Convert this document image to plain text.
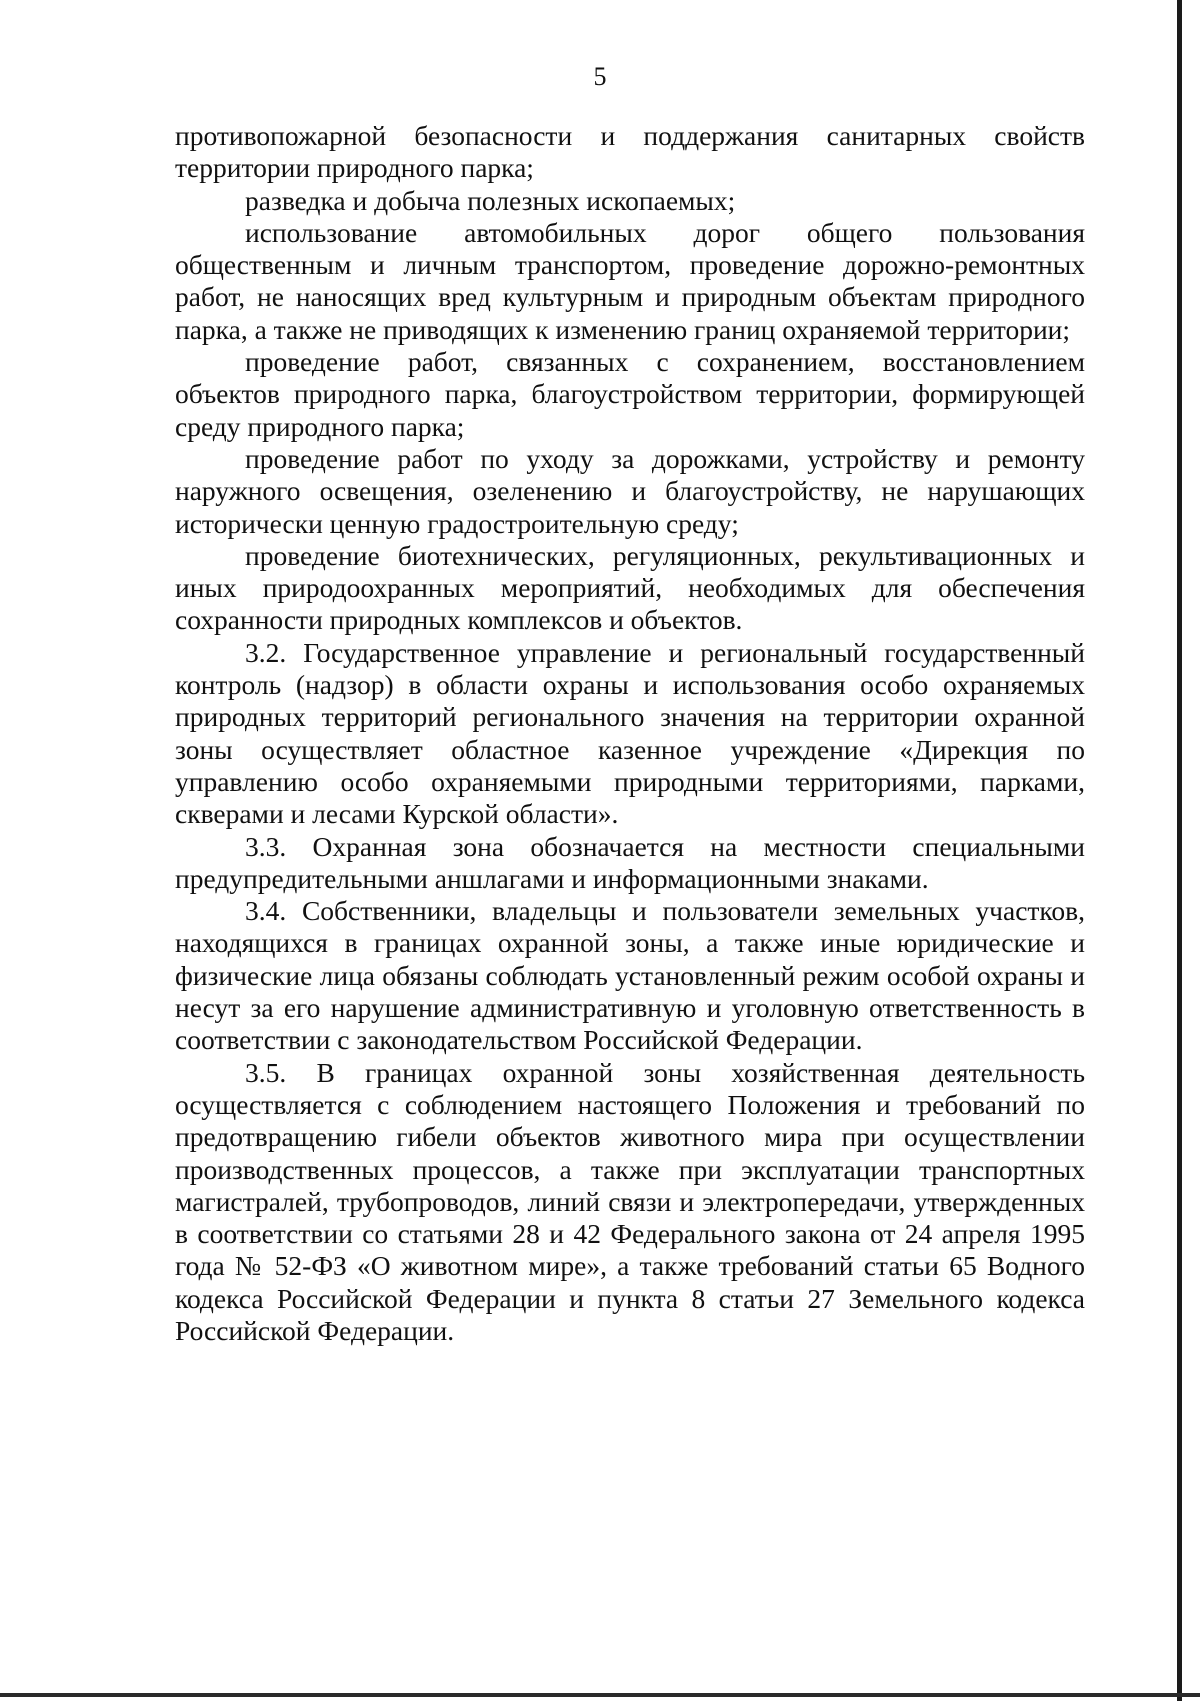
5

противопожарной безопасности и поддержания санитарных свойств территории природного парка;

разведка и добыча полезных ископаемых;

использование автомобильных дорог общего пользования общественным и личным транспортом, проведение дорожно-ремонтных работ, не наносящих вред культурным и природным объектам природного парка, а также не приводящих к изменению границ охраняемой территории;

проведение работ, связанных с сохранением, восстановлением объектов природного парка, благоустройством территории, формирующей среду природного парка;

проведение работ по уходу за дорожками, устройству и ремонту наружного освещения, озеленению и благоустройству, не нарушающих исторически ценную градостроительную среду;

проведение биотехнических, регуляционных, рекультивационных и иных природоохранных мероприятий, необходимых для обеспечения сохранности природных комплексов и объектов.

3.2. Государственное управление и региональный государственный контроль (надзор) в области охраны и использования особо охраняемых природных территорий регионального значения на территории охранной зоны осуществляет областное казенное учреждение «Дирекция по управлению особо охраняемыми природными территориями, парками, скверами и лесами Курской области».

3.3. Охранная зона обозначается на местности специальными предупредительными аншлагами и информационными знаками.

3.4. Собственники, владельцы и пользователи земельных участков, находящихся в границах охранной зоны, а также иные юридические и физические лица обязаны соблюдать установленный режим особой охраны и несут за его нарушение административную и уголовную ответственность в соответствии с законодательством Российской Федерации.

3.5. В границах охранной зоны хозяйственная деятельность осуществляется с соблюдением настоящего Положения и требований по предотвращению гибели объектов животного мира при осуществлении производственных процессов, а также при эксплуатации транспортных магистралей, трубопроводов, линий связи и электропередачи, утвержденных в соответствии со статьями 28 и 42 Федерального закона от 24 апреля 1995 года № 52-ФЗ «О животном мире», а также требований статьи 65 Водного кодекса Российской Федерации и пункта 8 статьи 27 Земельного кодекса Российской Федерации.
